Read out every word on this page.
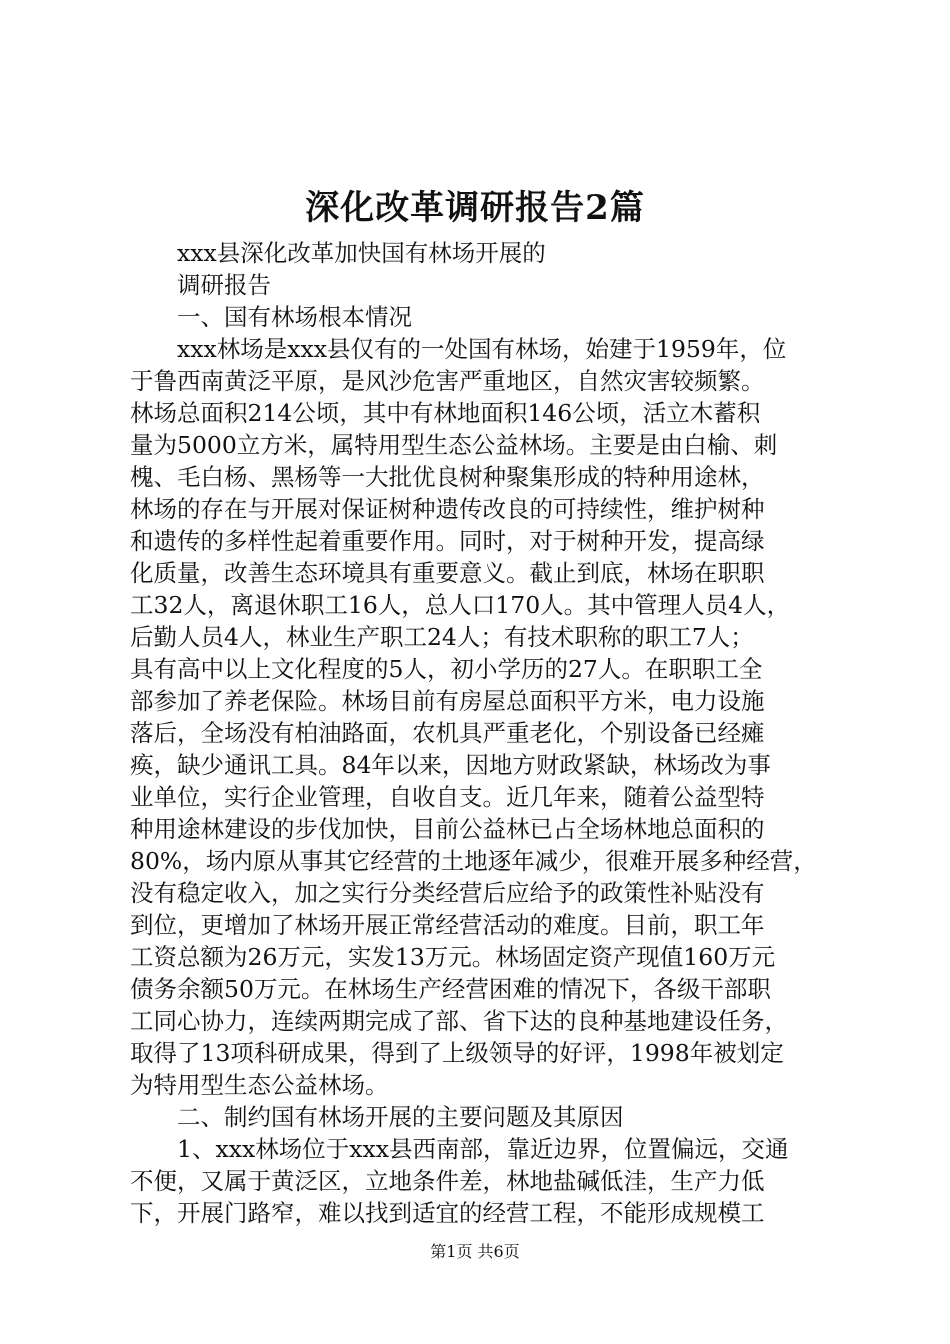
深化改革调研报告2篇
xxx县深化改革加快国有林场开展的
调研报告
一、国有林场根本情况
xxx林场是xxx县仅有的一处国有林场，始建于1959年，位
于鲁西南黄泛平原，是风沙危害严重地区，自然灾害较频繁。
林场总面积214公顷，其中有林地面积146公顷，活立木蓄积
量为5000立方米，属特用型生态公益林场。主要是由白榆、刺
槐、毛白杨、黑杨等一大批优良树种聚集形成的特种用途林，
林场的存在与开展对保证树种遗传改良的可持续性，维护树种
和遗传的多样性起着重要作用。同时，对于树种开发，提高绿
化质量，改善生态环境具有重要意义。截止到底，林场在职职
工32人，离退休职工16人，总人口170人。其中管理人员4人，
后勤人员4人，林业生产职工24人；有技术职称的职工7人；
具有高中以上文化程度的5人，初小学历的27人。在职职工全
部参加了养老保险。林场目前有房屋总面积平方米，电力设施
落后，全场没有柏油路面，农机具严重老化，个别设备已经瘫
痪，缺少通讯工具。84年以来，因地方财政紧缺，林场改为事
业单位，实行企业管理，自收自支。近几年来，随着公益型特
种用途林建设的步伐加快，目前公益林已占全场林地总面积的
80%，场内原从事其它经营的土地逐年减少，很难开展多种经营，
没有稳定收入，加之实行分类经营后应给予的政策性补贴没有
到位，更增加了林场开展正常经营活动的难度。目前，职工年
工资总额为26万元，实发13万元。林场固定资产现值160万元
债务余额50万元。在林场生产经营困难的情况下，各级干部职
工同心协力，连续两期完成了部、省下达的良种基地建设任务，
取得了13项科研成果，得到了上级领导的好评，1998年被划定
为特用型生态公益林场。
二、制约国有林场开展的主要问题及其原因
1、xxx林场位于xxx县西南部，靠近边界，位置偏远，交通
不便，又属于黄泛区，立地条件差，林地盐碱低洼，生产力低
下，开展门路窄，难以找到适宜的经营工程，不能形成规模工
第1页 共6页
